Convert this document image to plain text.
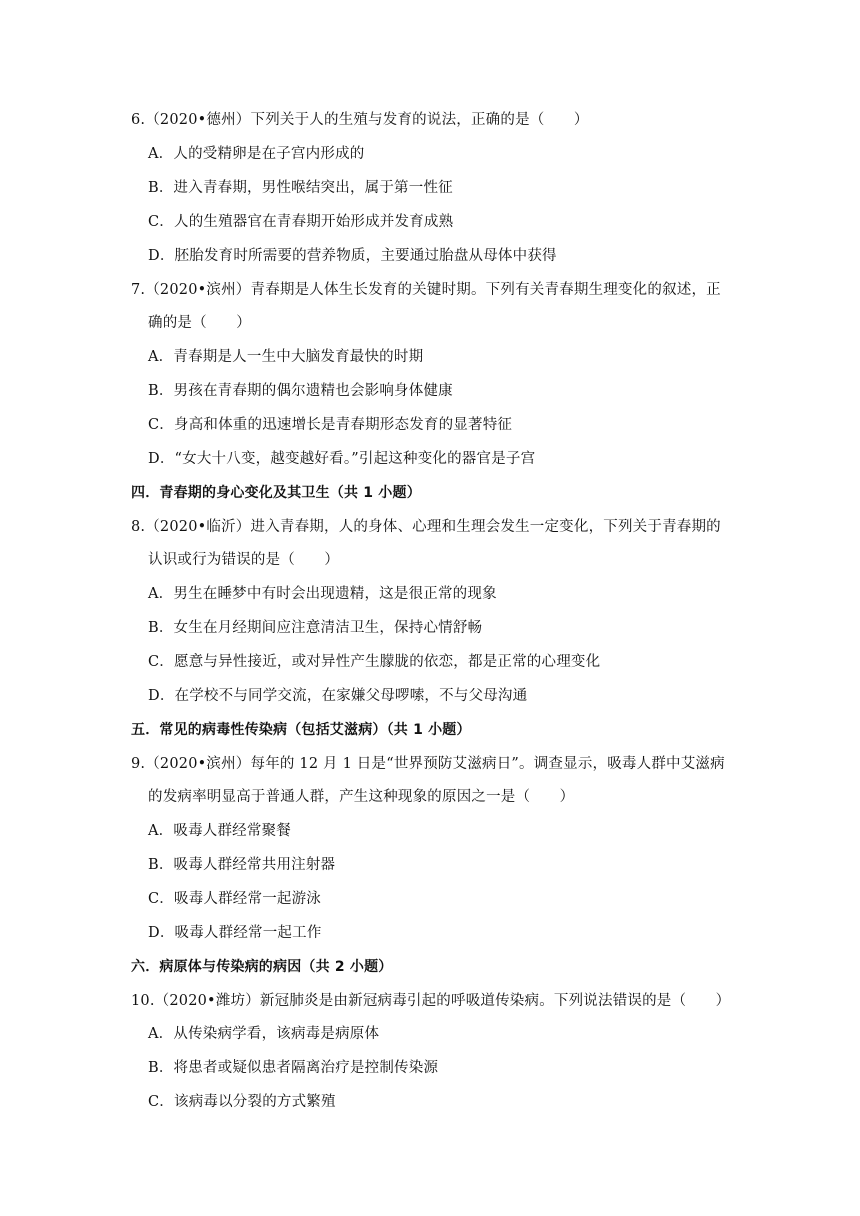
6.（2020•德州）下列关于人的生殖与发育的说法，正确的是（　　）
A．人的受精卵是在子宫内形成的
B．进入青春期，男性喉结突出，属于第一性征
C．人的生殖器官在青春期开始形成并发育成熟
D．胚胎发育时所需要的营养物质，主要通过胎盘从母体中获得
7.（2020•滨州）青春期是人体生长发育的关键时期。下列有关青春期生理变化的叙述，正
确的是（　　）
A．青春期是人一生中大脑发育最快的时期
B．男孩在青春期的偶尔遗精也会影响身体健康
C．身高和体重的迅速增长是青春期形态发育的显著特征
D．“女大十八变，越变越好看。”引起这种变化的器官是子宫
四．青春期的身心变化及其卫生（共 1 小题）
8.（2020•临沂）进入青春期，人的身体、心理和生理会发生一定变化，下列关于青春期的
认识或行为错误的是（　　）
A．男生在睡梦中有时会出现遗精，这是很正常的现象
B．女生在月经期间应注意清洁卫生，保持心情舒畅
C．愿意与异性接近，或对异性产生朦胧的依恋，都是正常的心理变化
D．在学校不与同学交流，在家嫌父母啰嗦，不与父母沟通
五．常见的病毒性传染病（包括艾滋病）（共 1 小题）
9.（2020•滨州）每年的 12 月 1 日是“世界预防艾滋病日”。调查显示，吸毒人群中艾滋病
的发病率明显高于普通人群，产生这种现象的原因之一是（　　）
A．吸毒人群经常聚餐
B．吸毒人群经常共用注射器
C．吸毒人群经常一起游泳
D．吸毒人群经常一起工作
六．病原体与传染病的病因（共 2 小题）
10.（2020•潍坊）新冠肺炎是由新冠病毒引起的呼吸道传染病。下列说法错误的是（　　）
A．从传染病学看，该病毒是病原体
B．将患者或疑似患者隔离治疗是控制传染源
C．该病毒以分裂的方式繁殖
